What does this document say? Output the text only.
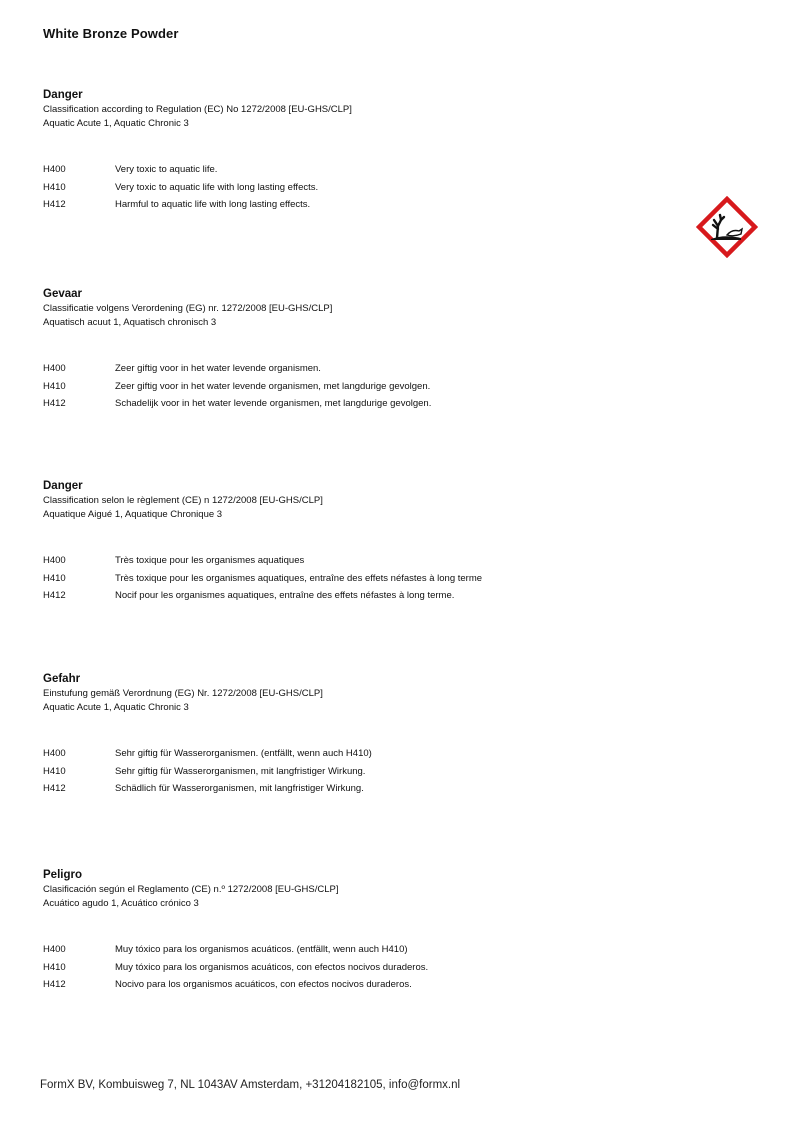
White Bronze Powder
Danger
Classification according to Regulation (EC) No 1272/2008 [EU-GHS/CLP]
Aquatic Acute 1, Aquatic Chronic 3
H400	Very toxic to aquatic life.
H410	Very toxic to aquatic life with long lasting effects.
H412	Harmful to aquatic life with long lasting effects.
Gevaar
Classificatie volgens Verordening (EG) nr. 1272/2008 [EU-GHS/CLP]
Aquatisch acuut 1, Aquatisch chronisch 3
H400	Zeer giftig voor in het water levende organismen.
H410	Zeer giftig voor in het water levende organismen, met langdurige gevolgen.
H412	Schadelijk voor in het water levende organismen, met langdurige gevolgen.
Danger
Classification selon le règlement (CE) n 1272/2008 [EU-GHS/CLP]
Aquatique Aigué 1, Aquatique Chronique 3
H400	Très toxique pour les organismes aquatiques
H410	Très toxique pour les organismes aquatiques, entraîne des effets néfastes à long terme
H412	Nocif pour les organismes aquatiques, entraîne des effets néfastes à long terme.
Gefahr
Einstufung gemäß Verordnung (EG) Nr. 1272/2008 [EU-GHS/CLP]
Aquatic Acute 1, Aquatic Chronic 3
H400	Sehr giftig für Wasserorganismen. (entfällt, wenn auch H410)
H410	Sehr giftig für Wasserorganismen, mit langfristiger Wirkung.
H412	Schädlich für Wasserorganismen, mit langfristiger Wirkung.
Peligro
Clasificación según el Reglamento (CE) n.º 1272/2008 [EU-GHS/CLP]
Acuático agudo 1, Acuático crónico 3
H400	Muy tóxico para los organismos acuáticos. (entfällt, wenn auch H410)
H410	Muy tóxico para los organismos acuáticos, con efectos nocivos duraderos.
H412	Nocivo para los organismos acuáticos, con efectos nocivos duraderos.
FormX BV, Kombuisweg 7, NL 1043AV Amsterdam, +31204182105, info@formx.nl
